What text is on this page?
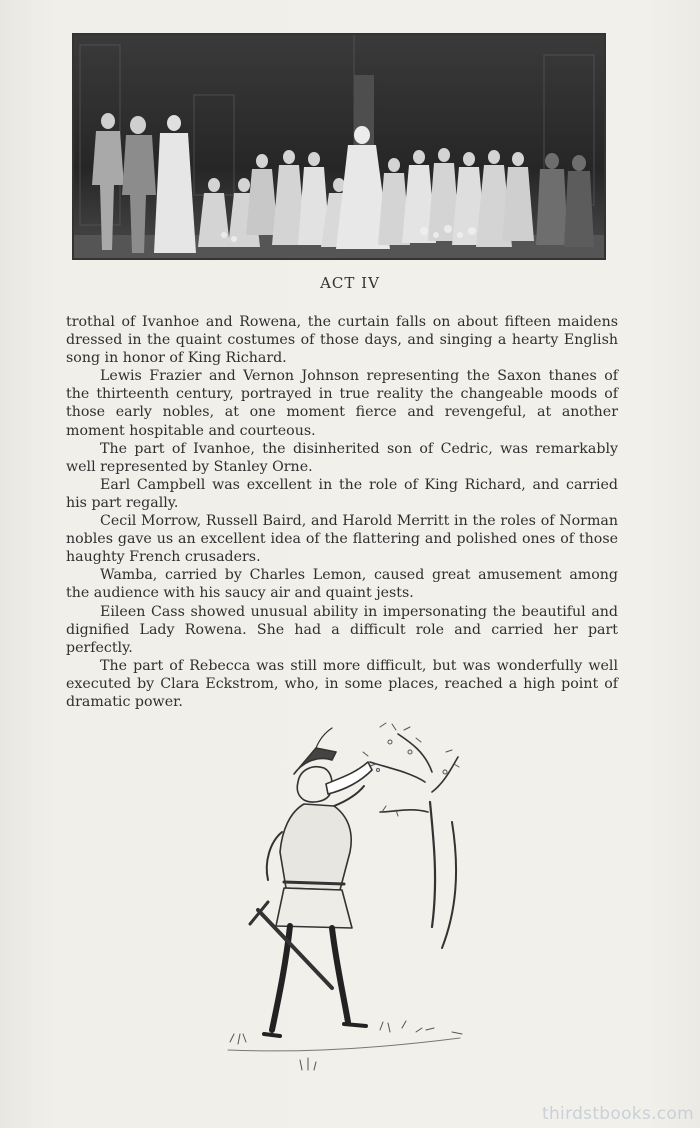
ACT IV

trothal of Ivanhoe and Rowena, the curtain falls on about fifteen maidens dressed in the quaint costumes of those days, and singing a hearty English song in honor of King Richard.

Lewis Frazier and Vernon Johnson representing the Saxon thanes of the thirteenth century, portrayed in true reality the changeable moods of those early nobles, at one moment fierce and revengeful, at another moment hospitable and courteous.

The part of Ivanhoe, the disinherited son of Cedric, was remarkably well represented by Stanley Orne.

Earl Campbell was excellent in the role of King Richard, and carried his part regally.

Cecil Morrow, Russell Baird, and Harold Merritt in the roles of Norman nobles gave us an excellent idea of the flattering and polished ones of those haughty French crusaders.

Wamba, carried by Charles Lemon, caused great amusement among the audience with his saucy air and quaint jests.

Eileen Cass showed unusual ability in impersonating the beautiful and dignified Lady Rowena. She had a difficult role and carried her part perfectly.

The part of Rebecca was still more difficult, but was wonderfully well executed by Clara Eckstrom, who, in some places, reached a high point of dramatic power.

thirdstbooks.com
